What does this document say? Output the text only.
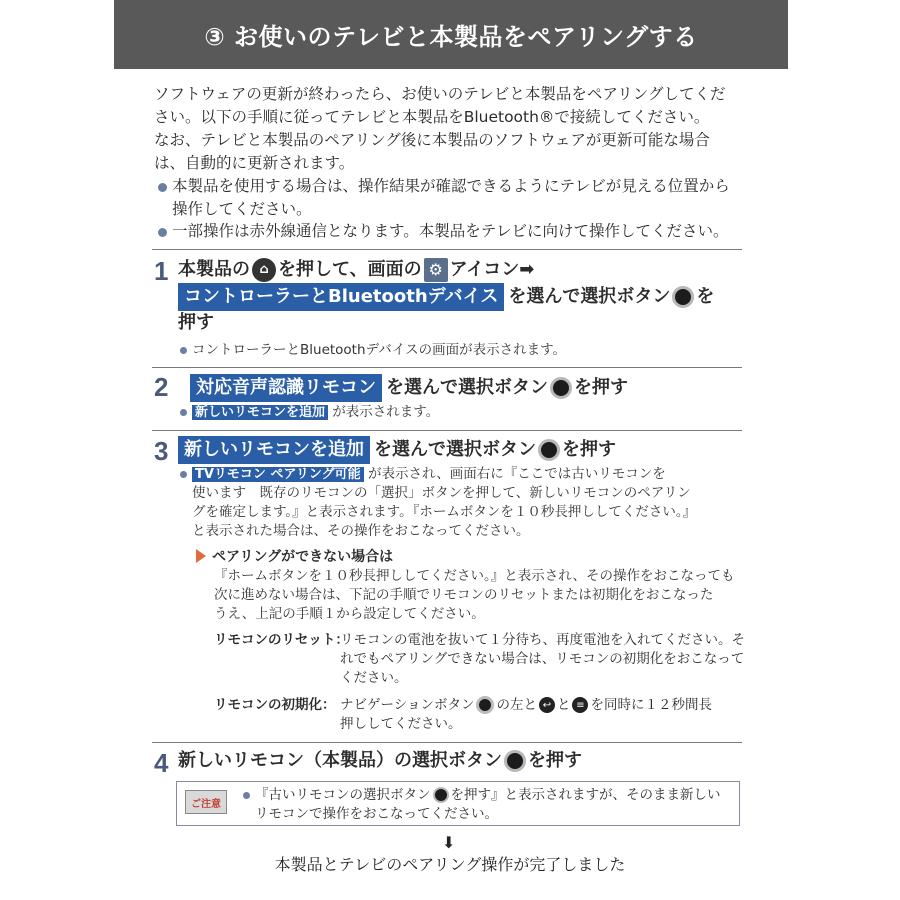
③ お使いのテレビと本製品をペアリングする

ソフトウェアの更新が終わったら、お使いのテレビと本製品をペアリングしてくだ

さい。以下の手順に従ってテレビと本製品をBluetooth®で接続してください。

なお、テレビと本製品のペアリング後に本製品のソフトウェアが更新可能な場合

は、自動的に更新されます。

本製品を使用する場合は、操作結果が確認できるようにテレビが見える位置から
操作してください。
一部操作は赤外線通信となります。本製品をテレビに向けて操作してください。
1 本製品の ⌂ を押して、画面の ⚙ アイコン➡
コントローラーとBluetoothデバイス を選んで選択ボタン を
押す
コントローラーとBluetoothデバイスの画面が表示されます。
2	対応音声認識リモコン を選んで選択ボタン を押す
新しいリモコンを追加 が表示されます。
3 新しいリモコンを追加 を選んで選択ボタン を押す
TVリモコン ペアリング可能 が表示され、画面右に『ここでは古いリモコンを
使います　既存のリモコンの「選択」ボタンを押して、新しいリモコンのペアリン
グを確定します。』と表示されます。『ホームボタンを１０秒長押ししてください。』
と表示された場合は、その操作をおこなってください。
ペアリングができない場合は
『ホームボタンを１０秒長押ししてください。』と表示され、その操作をおこなっても
次に進めない場合は、下記の手順でリモコンのリセットまたは初期化をおこなった
うえ、上記の手順１から設定してください。
リモコンのリセット：
リモコンの電池を抜いて１分待ち、再度電池を入れてください。それでもペアリングできない場合は、リモコンの初期化をおこなってください。
リモコンの初期化： ナビゲーションボタン の左と ↩ と ≡ を同時に１２秒間長
押ししてください。
4 新しいリモコン（本製品）の選択ボタン を押す
ご注意
『古いリモコンの選択ボタン を押す』と表示されますが、そのまま新しい
リモコンで操作をおこなってください。
⬇
本製品とテレビのペアリング操作が完了しました
